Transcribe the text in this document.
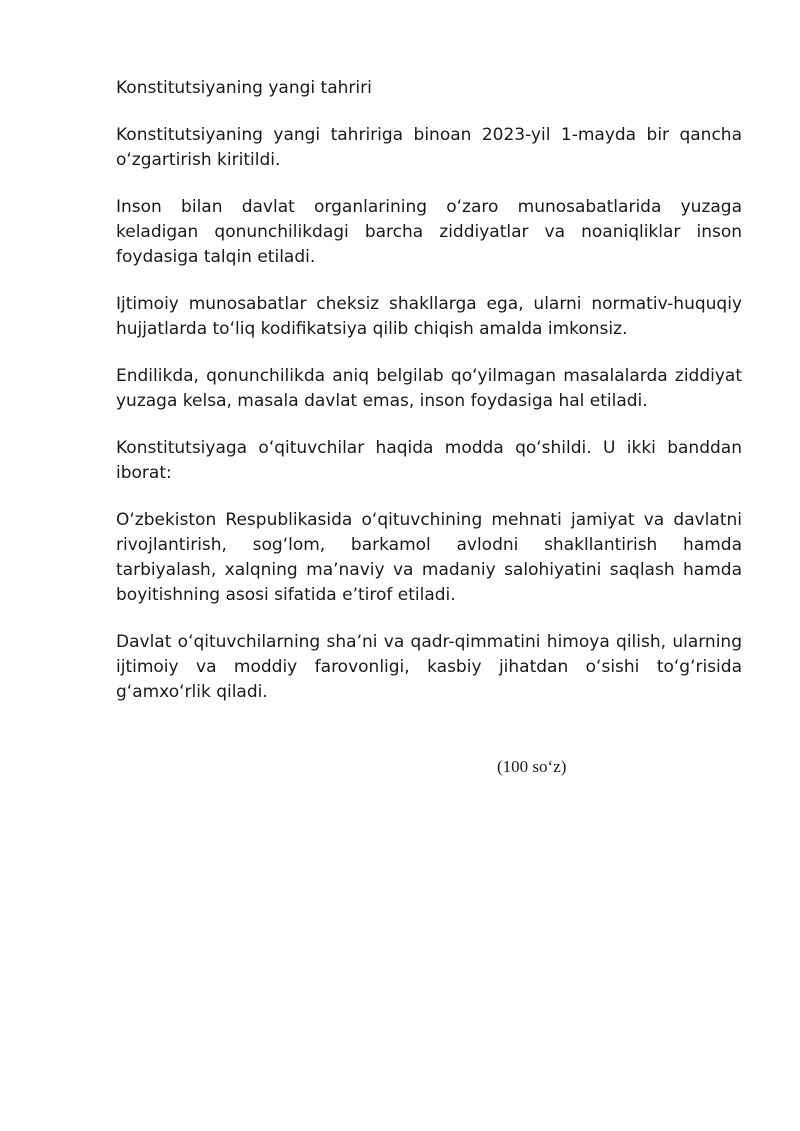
Konstitutsiyaning yangi tahriri

Konstitutsiyaning yangi tahririga binoan 2023-yil 1-mayda bir qancha oʻzgartirish kiritildi.

Inson bilan davlat organlarining oʻzaro munosabatlarida yuzaga keladigan qonunchilikdagi barcha ziddiyatlar va noaniqliklar inson foydasiga talqin etiladi.

Ijtimoiy munosabatlar cheksiz shakllarga ega, ularni normativ-huquqiy hujjatlarda toʻliq kodifikatsiya qilib chiqish amalda imkonsiz.

Endilikda, qonunchilikda aniq belgilab qoʻyilmagan masalalarda ziddiyat yuzaga kelsa, masala davlat emas, inson foydasiga hal etiladi.

Konstitutsiyaga oʻqituvchilar haqida modda qoʻshildi. U ikki banddan iborat:

Oʻzbekiston Respublikasida oʻqituvchining mehnati jamiyat va davlatni rivojlantirish, sogʻlom, barkamol avlodni shakllantirish hamda tarbiyalash, xalqning maʼnaviy va madaniy salohiyatini saqlash hamda boyitishning asosi sifatida eʼtirof etiladi.

Davlat oʻqituvchilarning shaʼni va qadr-qimmatini himoya qilish, ularning ijtimoiy va moddiy farovonligi, kasbiy jihatdan oʻsishi toʻgʻrisida gʻamxoʻrlik qiladi.

(100 soʻz)
